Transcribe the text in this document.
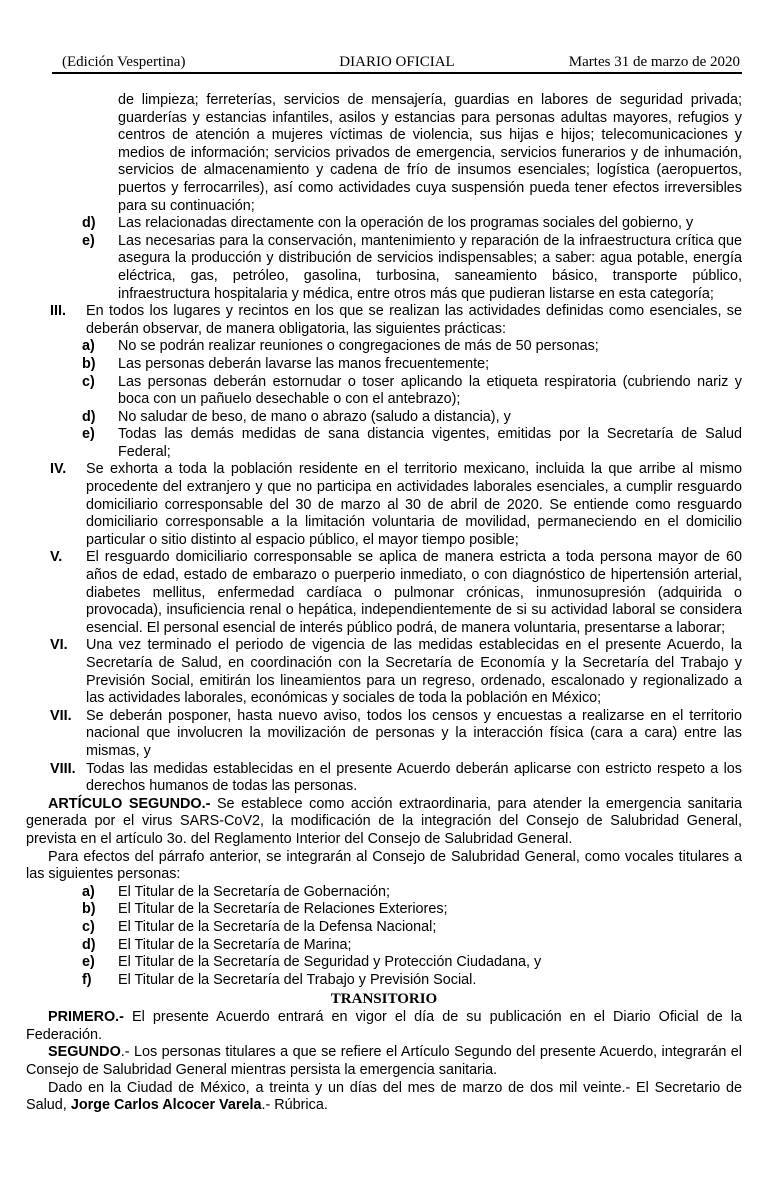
(Edición Vespertina)	DIARIO OFICIAL	Martes 31 de marzo de 2020

de limpieza; ferreterías, servicios de mensajería, guardias en labores de seguridad privada; guarderías y estancias infantiles, asilos y estancias para personas adultas mayores, refugios y centros de atención a mujeres víctimas de violencia, sus hijas e hijos; telecomunicaciones y medios de información; servicios privados de emergencia, servicios funerarios y de inhumación, servicios de almacenamiento y cadena de frío de insumos esenciales; logística (aeropuertos, puertos y ferrocarriles), así como actividades cuya suspensión pueda tener efectos irreversibles para su continuación;

d)	Las relacionadas directamente con la operación de los programas sociales del gobierno, y
e)	Las necesarias para la conservación, mantenimiento y reparación de la infraestructura crítica que asegura la producción y distribución de servicios indispensables; a saber: agua potable, energía eléctrica, gas, petróleo, gasolina, turbosina, saneamiento básico, transporte público, infraestructura hospitalaria y médica, entre otros más que pudieran listarse en esta categoría;
III.	En todos los lugares y recintos en los que se realizan las actividades definidas como esenciales, se deberán observar, de manera obligatoria, las siguientes prácticas:
a)	No se podrán realizar reuniones o congregaciones de más de 50 personas;
b)	Las personas deberán lavarse las manos frecuentemente;
c)	Las personas deberán estornudar o toser aplicando la etiqueta respiratoria (cubriendo nariz y boca con un pañuelo desechable o con el antebrazo);
d)	No saludar de beso, de mano o abrazo (saludo a distancia), y
e)	Todas las demás medidas de sana distancia vigentes, emitidas por la Secretaría de Salud Federal;
IV.	Se exhorta a toda la población residente en el territorio mexicano, incluida la que arribe al mismo procedente del extranjero y que no participa en actividades laborales esenciales, a cumplir resguardo domiciliario corresponsable del 30 de marzo al 30 de abril de 2020. Se entiende como resguardo domiciliario corresponsable a la limitación voluntaria de movilidad, permaneciendo en el domicilio particular o sitio distinto al espacio público, el mayor tiempo posible;
V.	El resguardo domiciliario corresponsable se aplica de manera estricta a toda persona mayor de 60 años de edad, estado de embarazo o puerperio inmediato, o con diagnóstico de hipertensión arterial, diabetes mellitus, enfermedad cardíaca o pulmonar crónicas, inmunosupresión (adquirida o provocada), insuficiencia renal o hepática, independientemente de si su actividad laboral se considera esencial. El personal esencial de interés público podrá, de manera voluntaria, presentarse a laborar;
VI.	Una vez terminado el periodo de vigencia de las medidas establecidas en el presente Acuerdo, la Secretaría de Salud, en coordinación con la Secretaría de Economía y la Secretaría del Trabajo y Previsión Social, emitirán los lineamientos para un regreso, ordenado, escalonado y regionalizado a las actividades laborales, económicas y sociales de toda la población en México;
VII.	Se deberán posponer, hasta nuevo aviso, todos los censos y encuestas a realizarse en el territorio nacional que involucren la movilización de personas y la interacción física (cara a cara) entre las mismas, y
VIII. Todas las medidas establecidas en el presente Acuerdo deberán aplicarse con estricto respeto a los derechos humanos de todas las personas.

ARTÍCULO SEGUNDO.- Se establece como acción extraordinaria, para atender la emergencia sanitaria generada por el virus SARS-CoV2, la modificación de la integración del Consejo de Salubridad General, prevista en el artículo 3o. del Reglamento Interior del Consejo de Salubridad General.

Para efectos del párrafo anterior, se integrarán al Consejo de Salubridad General, como vocales titulares a las siguientes personas:

a)	El Titular de la Secretaría de Gobernación;
b)	El Titular de la Secretaría de Relaciones Exteriores;
c)	El Titular de la Secretaría de la Defensa Nacional;
d)	El Titular de la Secretaría de Marina;
e)	El Titular de la Secretaría de Seguridad y Protección Ciudadana, y
f)	El Titular de la Secretaría del Trabajo y Previsión Social.
TRANSITORIO

PRIMERO.- El presente Acuerdo entrará en vigor el día de su publicación en el Diario Oficial de la Federación.

SEGUNDO.- Los personas titulares a que se refiere el Artículo Segundo del presente Acuerdo, integrarán el Consejo de Salubridad General mientras persista la emergencia sanitaria.

Dado en la Ciudad de México, a treinta y un días del mes de marzo de dos mil veinte.- El Secretario de Salud, Jorge Carlos Alcocer Varela.- Rúbrica.
